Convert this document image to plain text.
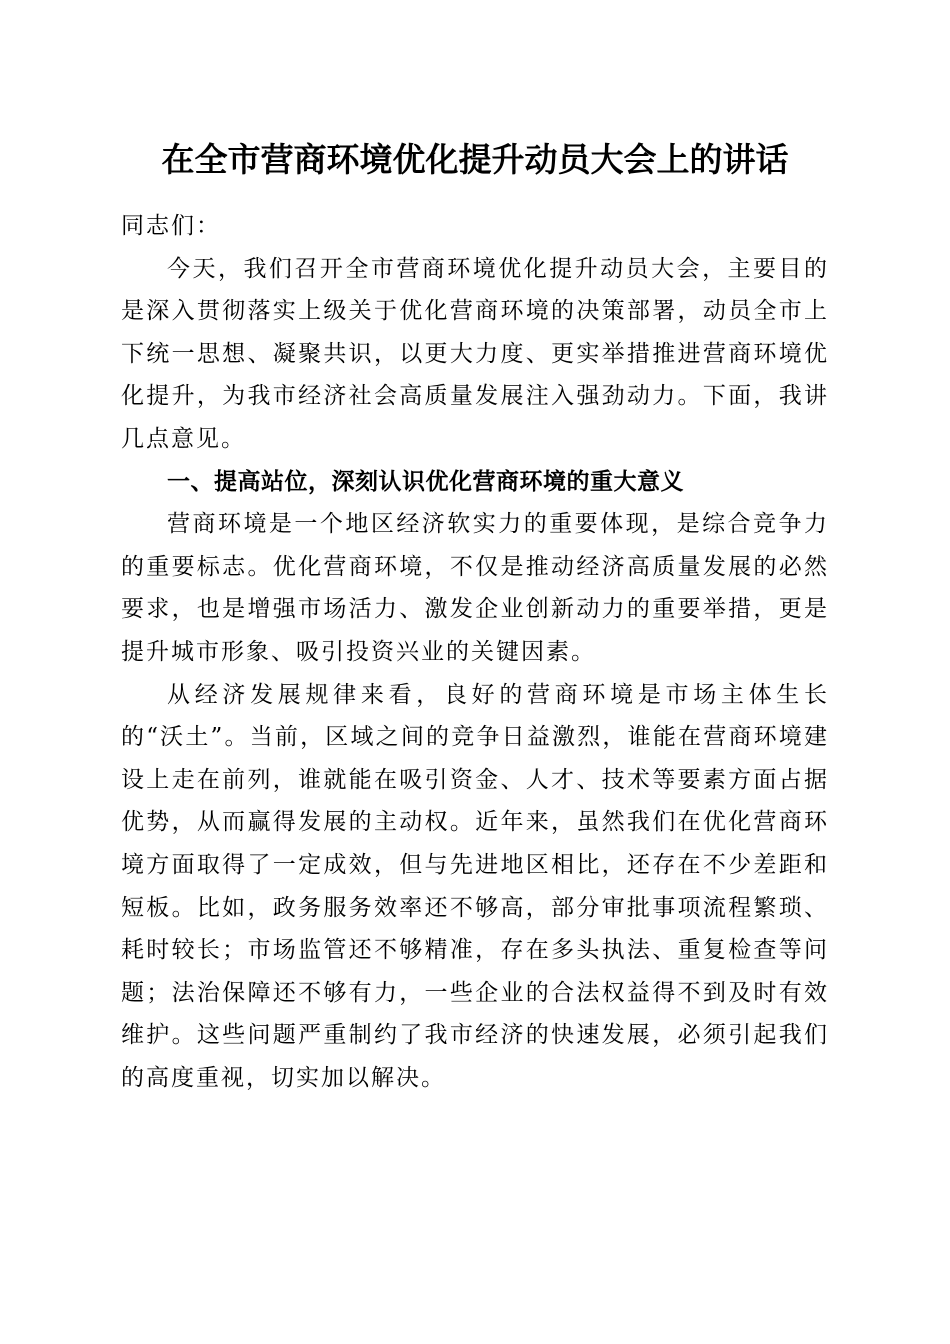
在全市营商环境优化提升动员大会上的讲话

同志们：

今天，我们召开全市营商环境优化提升动员大会，主要目的是深入贯彻落实上级关于优化营商环境的决策部署，动员全市上下统一思想、凝聚共识，以更大力度、更实举措推进营商环境优化提升，为我市经济社会高质量发展注入强劲动力。下面，我讲几点意见。

一、提高站位，深刻认识优化营商环境的重大意义

营商环境是一个地区经济软实力的重要体现，是综合竞争力的重要标志。优化营商环境，不仅是推动经济高质量发展的必然要求，也是增强市场活力、激发企业创新动力的重要举措，更是提升城市形象、吸引投资兴业的关键因素。

从经济发展规律来看，良好的营商环境是市场主体生长的“沃土”。当前，区域之间的竞争日益激烈，谁能在营商环境建设上走在前列，谁就能在吸引资金、人才、技术等要素方面占据优势，从而赢得发展的主动权。近年来，虽然我们在优化营商环境方面取得了一定成效，但与先进地区相比，还存在不少差距和短板。比如，政务服务效率还不够高，部分审批事项流程繁琐、耗时较长；市场监管还不够精准，存在多头执法、重复检查等问题；法治保障还不够有力，一些企业的合法权益得不到及时有效维护。这些问题严重制约了我市经济的快速发展，必须引起我们的高度重视，切实加以解决。
